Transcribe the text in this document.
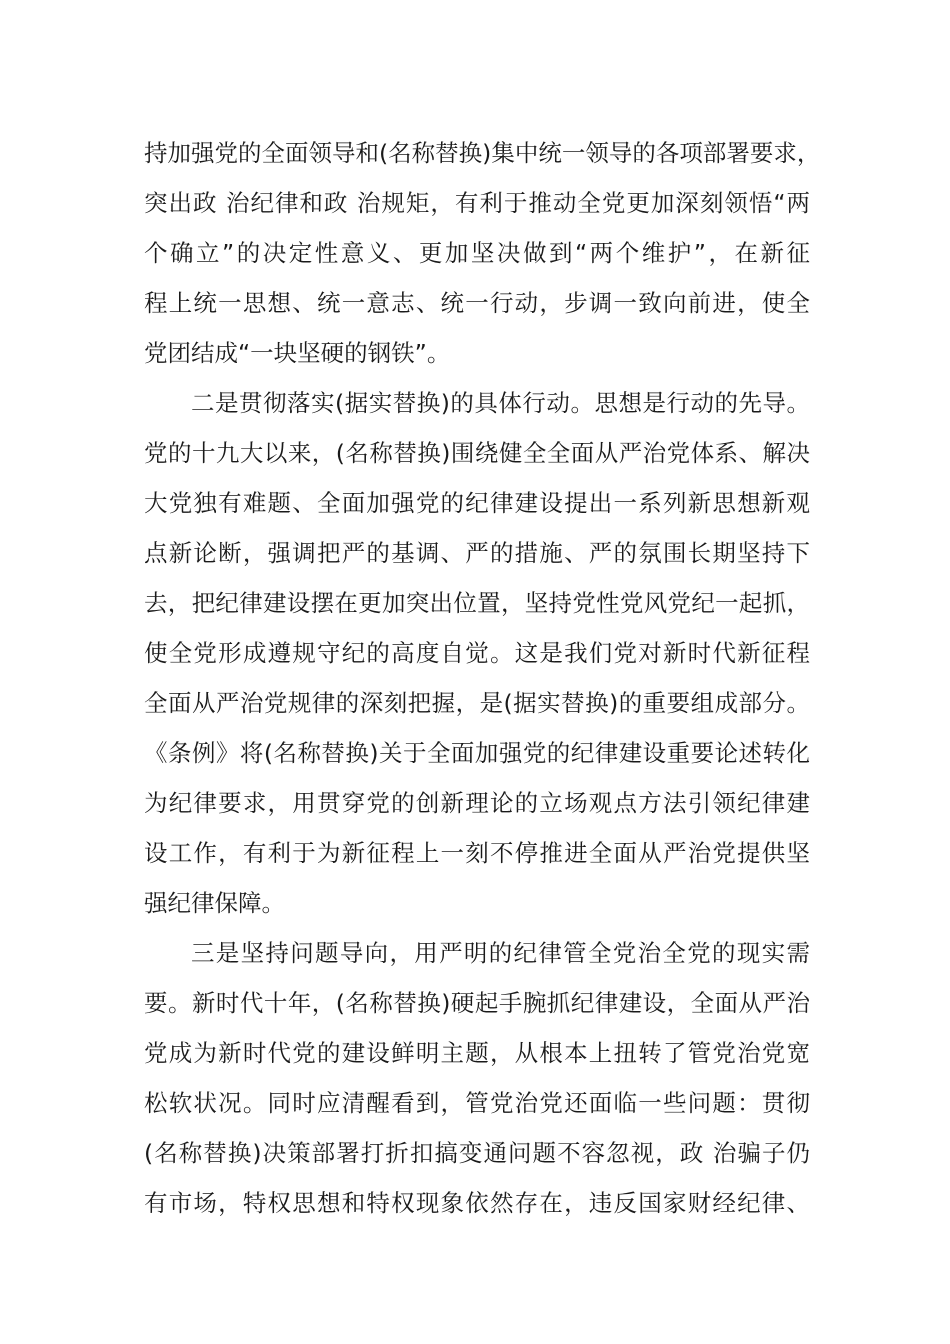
持加强党的全面领导和(名称替换)集中统一领导的各项部署要求，
突出政 治纪律和政 治规矩，有利于推动全党更加深刻领悟“两
个确立”的决定性意义、更加坚决做到“两个维护”，在新征
程上统一思想、统一意志、统一行动，步调一致向前进，使全
党团结成“一块坚硬的钢铁”。
二是贯彻落实(据实替换)的具体行动。思想是行动的先导。
党的十九大以来，(名称替换)围绕健全全面从严治党体系、解决
大党独有难题、全面加强党的纪律建设提出一系列新思想新观
点新论断，强调把严的基调、严的措施、严的氛围长期坚持下
去，把纪律建设摆在更加突出位置，坚持党性党风党纪一起抓，
使全党形成遵规守纪的高度自觉。这是我们党对新时代新征程
全面从严治党规律的深刻把握，是(据实替换)的重要组成部分。
《条例》将(名称替换)关于全面加强党的纪律建设重要论述转化
为纪律要求，用贯穿党的创新理论的立场观点方法引领纪律建
设工作，有利于为新征程上一刻不停推进全面从严治党提供坚
强纪律保障。
三是坚持问题导向，用严明的纪律管全党治全党的现实需
要。新时代十年，(名称替换)硬起手腕抓纪律建设，全面从严治
党成为新时代党的建设鲜明主题，从根本上扭转了管党治党宽
松软状况。同时应清醒看到，管党治党还面临一些问题：贯彻
(名称替换)决策部署打折扣搞变通问题不容忽视，政 治骗子仍
有市场，特权思想和特权现象依然存在，违反国家财经纪律、
